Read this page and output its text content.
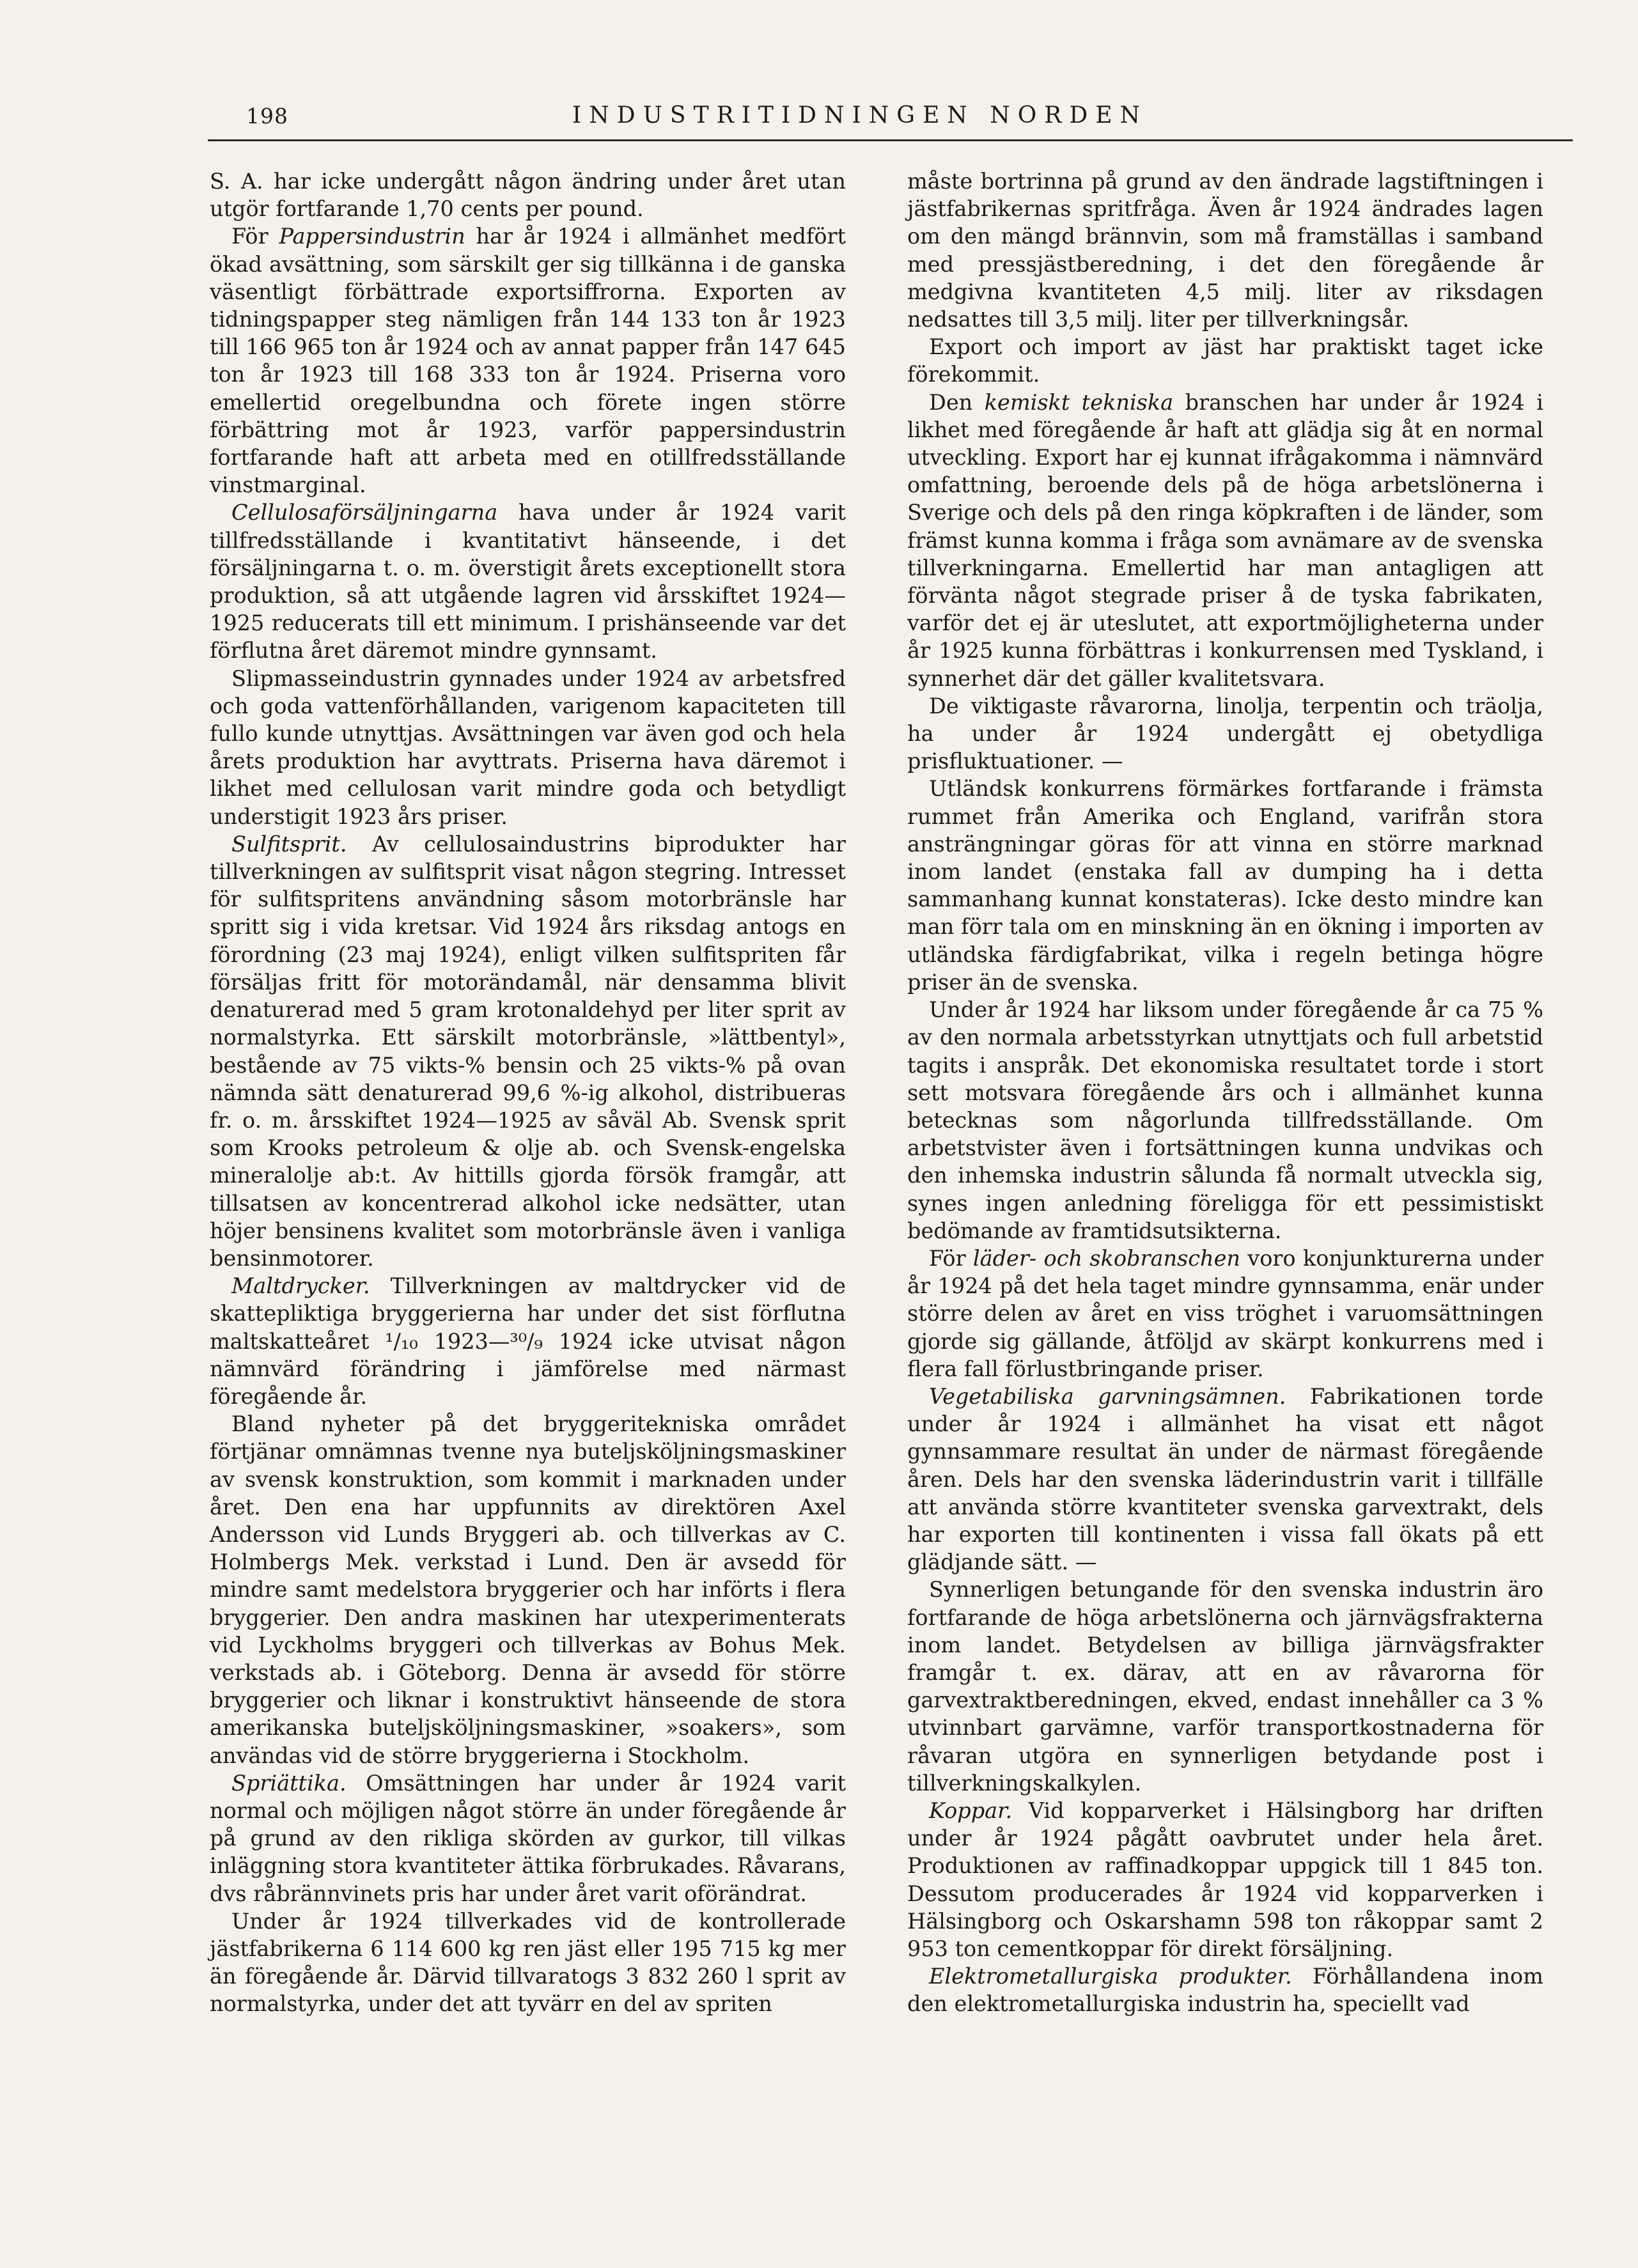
198	INDUSTRITIDNINGEN NORDEN

S. A. har icke undergått någon ändring under året utan utgör fortfarande 1,70 cents per pound.

För Pappersindustrin har år 1924 i allmänhet medfört ökad avsättning, som särskilt ger sig tillkänna i de ganska väsentligt förbättrade exportsiffrorna. Exporten av tidningspapper steg nämligen från 144 133 ton år 1923 till 166 965 ton år 1924 och av annat papper från 147 645 ton år 1923 till 168 333 ton år 1924. Priserna voro emellertid oregelbundna och förete ingen större förbättring mot år 1923, varför pappersindustrin fortfarande haft att arbeta med en otillfredsställande vinstmarginal.

Cellulosaförsäljningarna hava under år 1924 varit tillfredsställande i kvantitativt hänseende, i det försäljningarna t. o. m. överstigit årets exceptionellt stora produktion, så att utgående lagren vid årsskiftet 1924—1925 reducerats till ett minimum. I prishänseende var det förflutna året däremot mindre gynnsamt.

Slipmasseindustrin gynnades under 1924 av arbetsfred och goda vattenförhållanden, varigenom kapaciteten till fullo kunde utnyttjas. Avsättningen var även god och hela årets produktion har avyttrats. Priserna hava däremot i likhet med cellulosan varit mindre goda och betydligt understigit 1923 års priser.

Sulfitsprit. Av cellulosaindustrins biprodukter har tillverkningen av sulfitsprit visat någon stegring. Intresset för sulfitspritens användning såsom motorbränsle har spritt sig i vida kretsar. Vid 1924 års riksdag antogs en förordning (23 maj 1924), enligt vilken sulfitspriten får försäljas fritt för motorändamål, när densamma blivit denaturerad med 5 gram krotonaldehyd per liter sprit av normalstyrka. Ett särskilt motorbränsle, »lättbentyl», bestående av 75 vikts-% bensin och 25 vikts-% på ovan nämnda sätt denaturerad 99,6 %-ig alkohol, distribueras fr. o. m. årsskiftet 1924—1925 av såväl Ab. Svensk sprit som Krooks petroleum & olje ab. och Svensk-engelska mineralolje ab:t. Av hittills gjorda försök framgår, att tillsatsen av koncentrerad alkohol icke nedsätter, utan höjer bensinens kvalitet som motorbränsle även i vanliga bensinmotorer.

Maltdrycker. Tillverkningen av maltdrycker vid de skattepliktiga bryggerierna har under det sist förflutna maltskatteåret ¹/₁₀ 1923—³⁰/₉ 1924 icke utvisat någon nämnvärd förändring i jämförelse med närmast föregående år.

Bland nyheter på det bryggeritekniska området förtjänar omnämnas tvenne nya buteljsköljningsmaskiner av svensk konstruktion, som kommit i marknaden under året. Den ena har uppfunnits av direktören Axel Andersson vid Lunds Bryggeri ab. och tillverkas av C. Holmbergs Mek. verkstad i Lund. Den är avsedd för mindre samt medelstora bryggerier och har införts i flera bryggerier. Den andra maskinen har utexperimenterats vid Lyckholms bryggeri och tillverkas av Bohus Mek. verkstads ab. i Göteborg. Denna är avsedd för större bryggerier och liknar i konstruktivt hänseende de stora amerikanska buteljsköljningsmaskiner, »soakers», som användas vid de större bryggerierna i Stockholm.

Spriättika. Omsättningen har under år 1924 varit normal och möjligen något större än under föregående år på grund av den rikliga skörden av gurkor, till vilkas inläggning stora kvantiteter ättika förbrukades. Råvarans, dvs råbrännvinets pris har under året varit oförändrat.

Under år 1924 tillverkades vid de kontrollerade jästfabrikerna 6 114 600 kg ren jäst eller 195 715 kg mer än föregående år. Därvid tillvaratogs 3 832 260 l sprit av normalstyrka, under det att tyvärr en del av spriten

måste bortrinna på grund av den ändrade lagstiftningen i jästfabrikernas spritfråga. Även år 1924 ändrades lagen om den mängd brännvin, som må framställas i samband med pressjästberedning, i det den föregående år medgivna kvantiteten 4,5 milj. liter av riksdagen nedsattes till 3,5 milj. liter per tillverkningsår.

Export och import av jäst har praktiskt taget icke förekommit.

Den kemiskt tekniska branschen har under år 1924 i likhet med föregående år haft att glädja sig åt en normal utveckling. Export har ej kunnat ifrågakomma i nämnvärd omfattning, beroende dels på de höga arbetslönerna i Sverige och dels på den ringa köpkraften i de länder, som främst kunna komma i fråga som avnämare av de svenska tillverkningarna. Emellertid har man antagligen att förvänta något stegrade priser å de tyska fabrikaten, varför det ej är uteslutet, att exportmöjligheterna under år 1925 kunna förbättras i konkurrensen med Tyskland, i synnerhet där det gäller kvalitetsvara.

De viktigaste råvarorna, linolja, terpentin och träolja, ha under år 1924 undergått ej obetydliga prisfluktuationer. —

Utländsk konkurrens förmärkes fortfarande i främsta rummet från Amerika och England, varifrån stora ansträngningar göras för att vinna en större marknad inom landet (enstaka fall av dumping ha i detta sammanhang kunnat konstateras). Icke desto mindre kan man förr tala om en minskning än en ökning i importen av utländska färdigfabrikat, vilka i regeln betinga högre priser än de svenska.

Under år 1924 har liksom under föregående år ca 75 % av den normala arbetsstyrkan utnyttjats och full arbetstid tagits i anspråk. Det ekonomiska resultatet torde i stort sett motsvara föregående års och i allmänhet kunna betecknas som någorlunda tillfredsställande. Om arbetstvister även i fortsättningen kunna undvikas och den inhemska industrin sålunda få normalt utveckla sig, synes ingen anledning föreligga för ett pessimistiskt bedömande av framtidsutsikterna.

För läder- och skobranschen voro konjunkturerna under år 1924 på det hela taget mindre gynnsamma, enär under större delen av året en viss tröghet i varuomsättningen gjorde sig gällande, åtföljd av skärpt konkurrens med i flera fall förlustbringande priser.

Vegetabiliska garvningsämnen. Fabrikationen torde under år 1924 i allmänhet ha visat ett något gynnsammare resultat än under de närmast föregående åren. Dels har den svenska läderindustrin varit i tillfälle att använda större kvantiteter svenska garvextrakt, dels har exporten till kontinenten i vissa fall ökats på ett glädjande sätt. —

Synnerligen betungande för den svenska industrin äro fortfarande de höga arbetslönerna och järnvägsfrakterna inom landet. Betydelsen av billiga järnvägsfrakter framgår t. ex. därav, att en av råvarorna för garvextraktberedningen, ekved, endast innehåller ca 3 % utvinnbart garvämne, varför transportkostnaderna för råvaran utgöra en synnerligen betydande post i tillverkningskalkylen.

Koppar. Vid kopparverket i Hälsingborg har driften under år 1924 pågått oavbrutet under hela året. Produktionen av raffinadkoppar uppgick till 1 845 ton. Dessutom producerades år 1924 vid kopparverken i Hälsingborg och Oskarshamn 598 ton råkoppar samt 2 953 ton cementkoppar för direkt försäljning.

Elektrometallurgiska produkter. Förhållandena inom den elektrometallurgiska industrin ha, speciellt vad
